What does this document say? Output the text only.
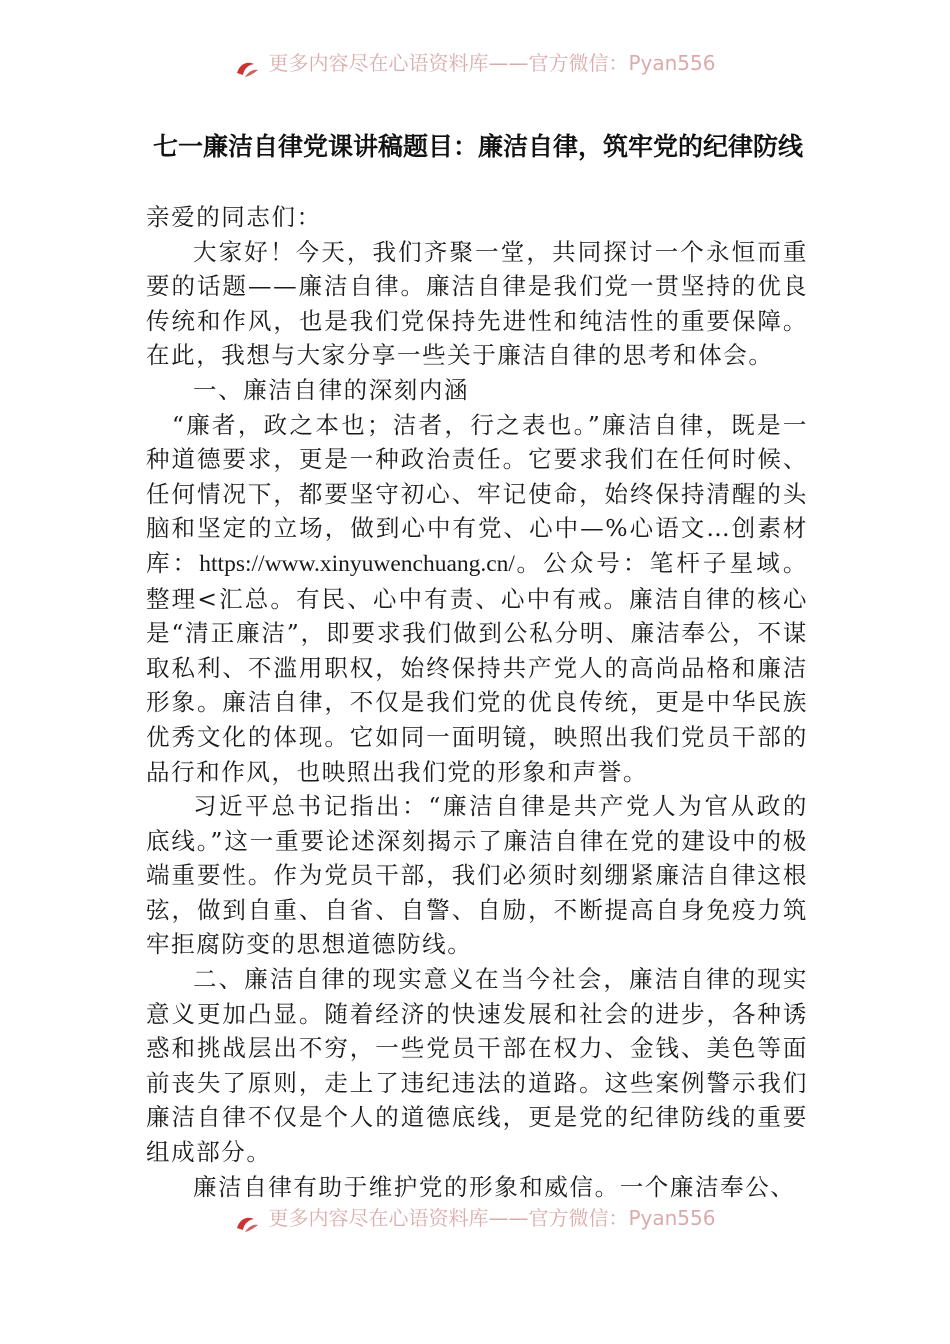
更多内容尽在心语资料库——官方微信：Pyan556
七一廉洁自律党课讲稿题目：廉洁自律，筑牢党的纪律防线

亲爱的同志们：

大家好！今天，我们齐聚一堂，共同探讨一个永恒而重要的话题——廉洁自律。廉洁自律是我们党一贯坚持的优良传统和作风，也是我们党保持先进性和纯洁性的重要保障。在此，我想与大家分享一些关于廉洁自律的思考和体会。

一、廉洁自律的深刻内涵

“廉者，政之本也；洁者，行之表也。”廉洁自律，既是一种道德要求，更是一种政治责任。它要求我们在任何时候、任何情况下，都要坚守初心、牢记使命，始终保持清醒的头脑和坚定的立场，做到心中有党、心中—%心语文…创素材库：https://www.xinyuwenchuang.cn/。公众号：笔杆子星域。整理<汇总。有民、心中有责、心中有戒。廉洁自律的核心是“清正廉洁”，即要求我们做到公私分明、廉洁奉公，不谋取私利、不滥用职权，始终保持共产党人的高尚品格和廉洁形象。廉洁自律，不仅是我们党的优良传统，更是中华民族优秀文化的体现。它如同一面明镜，映照出我们党员干部的品行和作风，也映照出我们党的形象和声誉。

习近平总书记指出：“廉洁自律是共产党人为官从政的底线。”这一重要论述深刻揭示了廉洁自律在党的建设中的极端重要性。作为党员干部，我们必须时刻绷紧廉洁自律这根弦，做到自重、自省、自警、自励，不断提高自身免疫力筑牢拒腐防变的思想道德防线。

二、廉洁自律的现实意义在当今社会，廉洁自律的现实意义更加凸显。随着经济的快速发展和社会的进步，各种诱惑和挑战层出不穷，一些党员干部在权力、金钱、美色等面前丧失了原则，走上了违纪违法的道路。这些案例警示我们廉洁自律不仅是个人的道德底线，更是党的纪律防线的重要组成部分。

廉洁自律有助于维护党的形象和威信。一个廉洁奉公、

更多内容尽在心语资料库——官方微信：Pyan556
